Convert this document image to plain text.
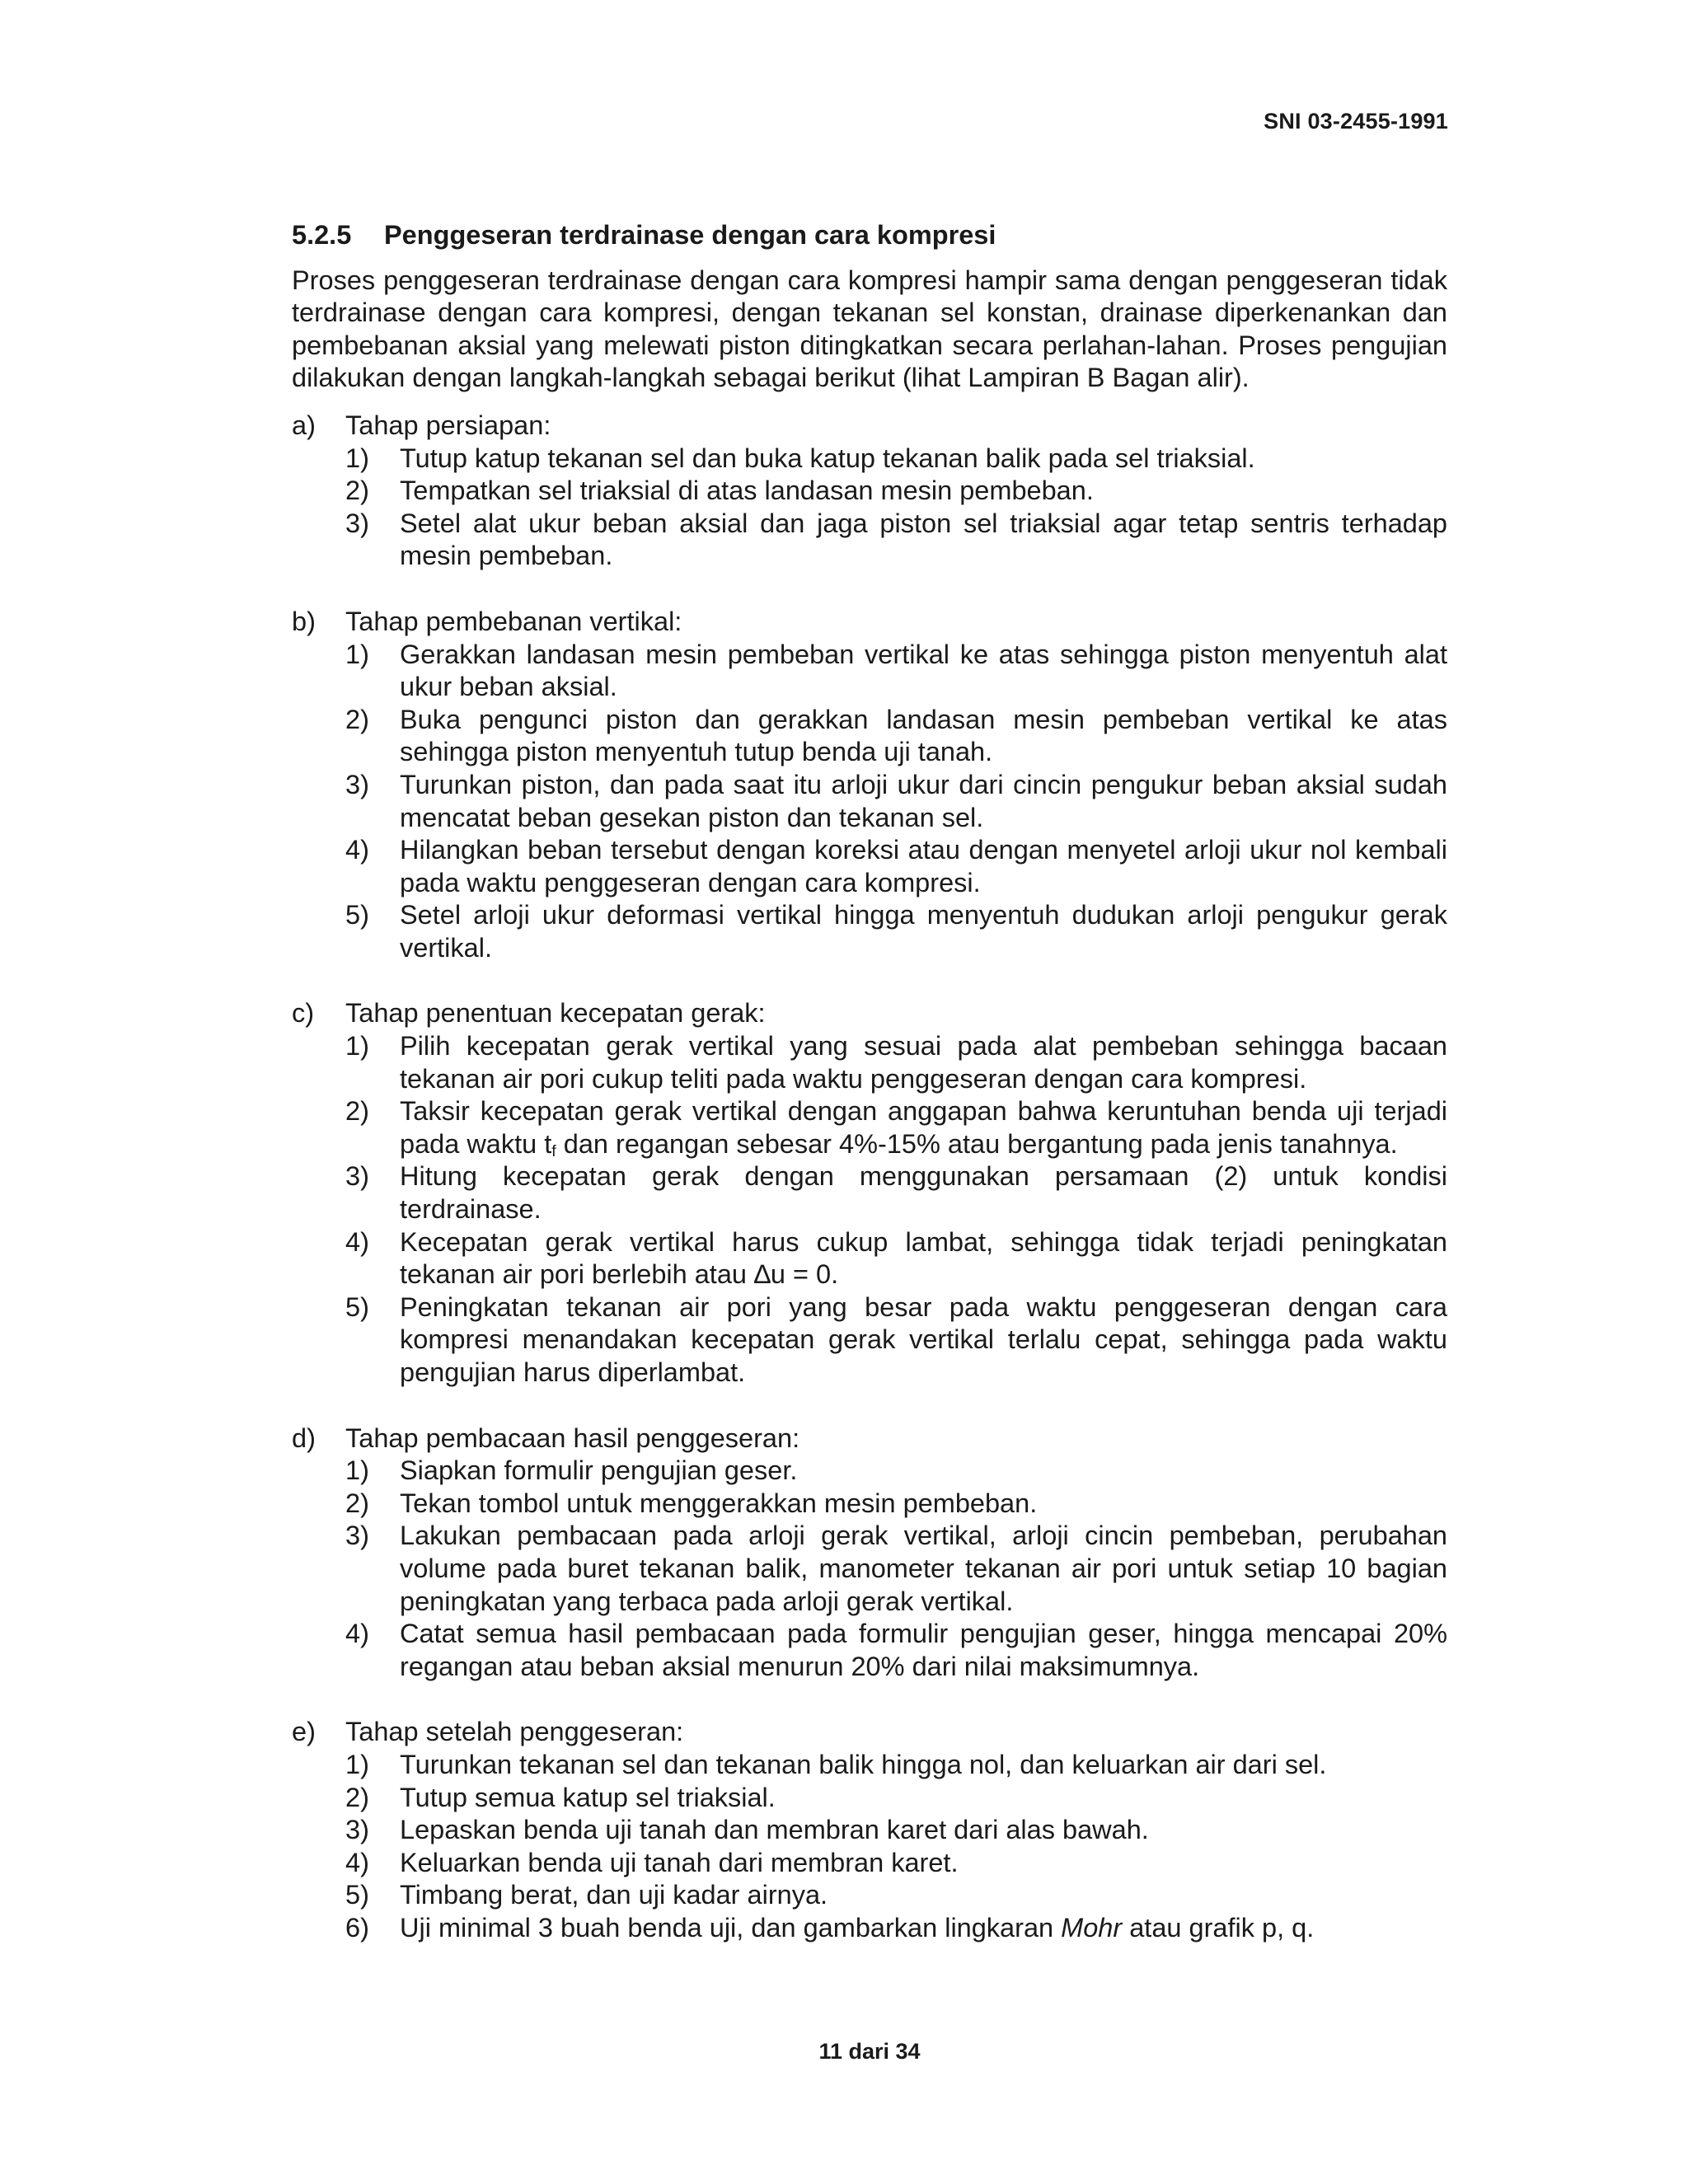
SNI 03-2455-1991
5.2.5	Penggeseran terdrainase dengan cara kompresi
Proses penggeseran terdrainase dengan cara kompresi hampir sama dengan penggeseran tidak terdrainase dengan cara kompresi, dengan tekanan sel konstan, drainase diperkenankan dan pembebanan aksial yang melewati piston ditingkatkan secara perlahan-lahan. Proses pengujian dilakukan dengan langkah-langkah sebagai berikut (lihat Lampiran B Bagan alir).
a)	Tahap persiapan:
1)	Tutup katup tekanan sel dan buka katup tekanan balik pada sel triaksial.
2)	Tempatkan sel triaksial di atas landasan mesin pembeban.
3)	Setel alat ukur beban aksial dan jaga piston sel triaksial agar tetap sentris terhadap mesin pembeban.
b)	Tahap pembebanan vertikal:
1)	Gerakkan landasan mesin pembeban vertikal ke atas sehingga piston menyentuh alat ukur beban aksial.
2)	Buka pengunci piston dan gerakkan landasan mesin pembeban vertikal ke atas sehingga piston menyentuh tutup benda uji tanah.
3)	Turunkan piston, dan pada saat itu arloji ukur dari cincin pengukur beban aksial sudah mencatat beban gesekan piston dan tekanan sel.
4)	Hilangkan beban tersebut dengan koreksi atau dengan menyetel arloji ukur nol kembali pada waktu penggeseran dengan cara kompresi.
5)	Setel arloji ukur deformasi vertikal hingga menyentuh dudukan arloji pengukur gerak vertikal.
c)	Tahap penentuan kecepatan gerak:
1)	Pilih kecepatan gerak vertikal yang sesuai pada alat pembeban sehingga bacaan tekanan air pori cukup teliti pada waktu penggeseran dengan cara kompresi.
2)	Taksir kecepatan gerak vertikal dengan anggapan bahwa keruntuhan benda uji terjadi pada waktu $t_f$ dan regangan sebesar 4%-15% atau bergantung pada jenis tanahnya.
3)	Hitung kecepatan gerak dengan menggunakan persamaan (2) untuk kondisi terdrainase.
4)	Kecepatan gerak vertikal harus cukup lambat, sehingga tidak terjadi peningkatan tekanan air pori berlebih atau ∆u = 0.
5)	Peningkatan tekanan air pori yang besar pada waktu penggeseran dengan cara kompresi menandakan kecepatan gerak vertikal terlalu cepat, sehingga pada waktu pengujian harus diperlambat.
d)	Tahap pembacaan hasil penggeseran:
1)	Siapkan formulir pengujian geser.
2)	Tekan tombol untuk menggerakkan mesin pembeban.
3)	Lakukan pembacaan pada arloji gerak vertikal, arloji cincin pembeban, perubahan volume pada buret tekanan balik, manometer tekanan air pori untuk setiap 10 bagian peningkatan yang terbaca pada arloji gerak vertikal.
4)	Catat semua hasil pembacaan pada formulir pengujian geser, hingga mencapai 20% regangan atau beban aksial menurun 20% dari nilai maksimumnya.
e)	Tahap setelah penggeseran:
1)	Turunkan tekanan sel dan tekanan balik hingga nol, dan keluarkan air dari sel.
2)	Tutup semua katup sel triaksial.
3)	Lepaskan benda uji tanah dan membran karet dari alas bawah.
4)	Keluarkan benda uji tanah dari membran karet.
5)	Timbang berat, dan uji kadar airnya.
6)	Uji minimal 3 buah benda uji, dan gambarkan lingkaran Mohr atau grafik p, q.
11 dari 34
